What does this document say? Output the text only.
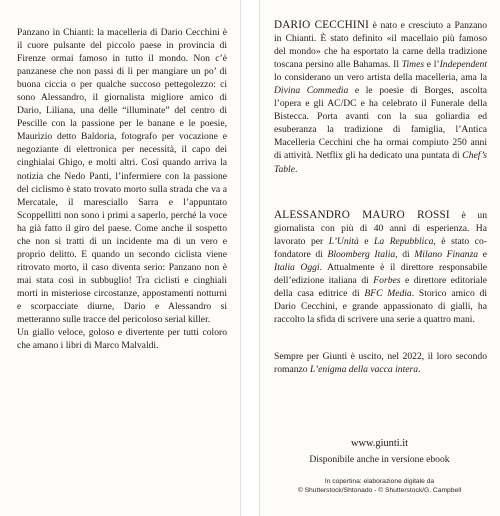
Panzano in Chianti: la macelleria di Dario Cecchini è il cuore pulsante del piccolo paese in provincia di Firenze ormai famoso in tutto il mondo. Non c’è panzanese che non passi di lì per mangiare un po’ di buona ciccia o per qualche succoso pettegolezzo: ci sono Alessandro, il giornalista migliore amico di Dario, Liliana, una delle “illuminate” del centro di Pescille con la passione per le banane e le poesie, Maurizio detto Baldoria, fotografo per vocazione e negoziante di elettronica per necessità, il capo dei cinghialai Ghigo, e molti altri. Così quando arriva la notizia che Nedo Panti, l’infermiere con la passione del ciclismo è stato trovato morto sulla strada che va a Mercatale, il maresciallo Sarra e l’appuntato Scoppellitti non sono i primi a saperlo, perché la voce ha già fatto il giro del paese. Come anche il sospetto che non si tratti di un incidente ma di un vero e proprio delitto. E quando un secondo ciclista viene ritrovato morto, il caso diventa serio: Panzano non è mai stata così in subbuglio! Tra ciclisti e cinghiali morti in misteriose circostanze, appostamenti notturni e scorpacciate diurne, Dario e Alessandro si metteranno sulle tracce del pericoloso serial killer.
Un giallo veloce, goloso e divertente per tutti coloro che amano i libri di Marco Malvaldi.

DARIO CECCHINI è nato e cresciuto a Panzano in Chianti. È stato definito «il macellaio più famoso del mondo» che ha esportato la carne della tradizione toscana persino alle Bahamas. Il Times e l’Independent lo considerano un vero artista della macelleria, ama la Divina Commedia e le poesie di Borges, ascolta l’opera e gli AC/DC e ha celebrato il Funerale della Bistecca. Porta avanti con la sua goliardia ed esuberanza la tradizione di famiglia, l’Antica Macelleria Cecchini che ha ormai compiuto 250 anni di attività. Netflix gli ha dedicato una puntata di Chef’s Table.

ALESSANDRO MAURO ROSSI è un giornalista con più di 40 anni di esperienza. Ha lavorato per L’Unità e La Repubblica, è stato co-fondatore di Bloomberg Italia, di Milano Finanza e Italia Oggi. Attualmente è il direttore responsabile dell’edizione italiana di Forbes e direttore editoriale della casa editrice di BFC Media. Storico amico di Dario Cecchini, e grande appassionato di gialli, ha raccolto la sfida di scrivere una serie a quattro mani.

Sempre per Giunti è uscito, nel 2022, il loro secondo romanzo L’enigma della vacca intera.

www.giunti.it

Disponibile anche in versione ebook

In copertina: elaborazione digitale da

© Shutterstock/Shtonado - © Shutterstock/G. Campbell
